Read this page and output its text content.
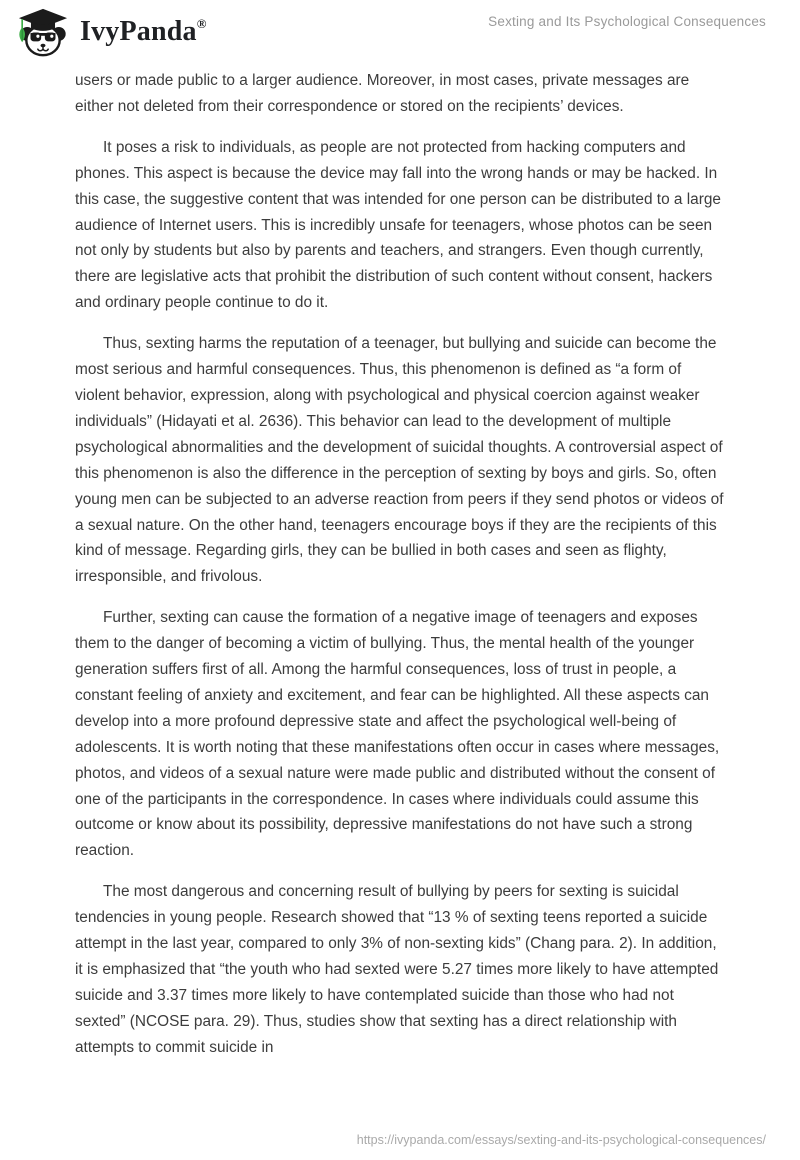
IvyPanda®	Sexting and Its Psychological Consequences

users or made public to a larger audience. Moreover, in most cases, private messages are either not deleted from their correspondence or stored on the recipients’ devices.

It poses a risk to individuals, as people are not protected from hacking computers and phones. This aspect is because the device may fall into the wrong hands or may be hacked. In this case, the suggestive content that was intended for one person can be distributed to a large audience of Internet users. This is incredibly unsafe for teenagers, whose photos can be seen not only by students but also by parents and teachers, and strangers. Even though currently, there are legislative acts that prohibit the distribution of such content without consent, hackers and ordinary people continue to do it.

Thus, sexting harms the reputation of a teenager, but bullying and suicide can become the most serious and harmful consequences. Thus, this phenomenon is defined as “a form of violent behavior, expression, along with psychological and physical coercion against weaker individuals” (Hidayati et al. 2636). This behavior can lead to the development of multiple psychological abnormalities and the development of suicidal thoughts. A controversial aspect of this phenomenon is also the difference in the perception of sexting by boys and girls. So, often young men can be subjected to an adverse reaction from peers if they send photos or videos of a sexual nature. On the other hand, teenagers encourage boys if they are the recipients of this kind of message. Regarding girls, they can be bullied in both cases and seen as flighty, irresponsible, and frivolous.

Further, sexting can cause the formation of a negative image of teenagers and exposes them to the danger of becoming a victim of bullying. Thus, the mental health of the younger generation suffers first of all. Among the harmful consequences, loss of trust in people, a constant feeling of anxiety and excitement, and fear can be highlighted. All these aspects can develop into a more profound depressive state and affect the psychological well-being of adolescents. It is worth noting that these manifestations often occur in cases where messages, photos, and videos of a sexual nature were made public and distributed without the consent of one of the participants in the correspondence. In cases where individuals could assume this outcome or know about its possibility, depressive manifestations do not have such a strong reaction.

The most dangerous and concerning result of bullying by peers for sexting is suicidal tendencies in young people. Research showed that “13 % of sexting teens reported a suicide attempt in the last year, compared to only 3% of non-sexting kids” (Chang para. 2). In addition, it is emphasized that “the youth who had sexted were 5.27 times more likely to have attempted suicide and 3.37 times more likely to have contemplated suicide than those who had not sexted” (NCOSE para. 29). Thus, studies show that sexting has a direct relationship with attempts to commit suicide in

https://ivypanda.com/essays/sexting-and-its-psychological-consequences/
